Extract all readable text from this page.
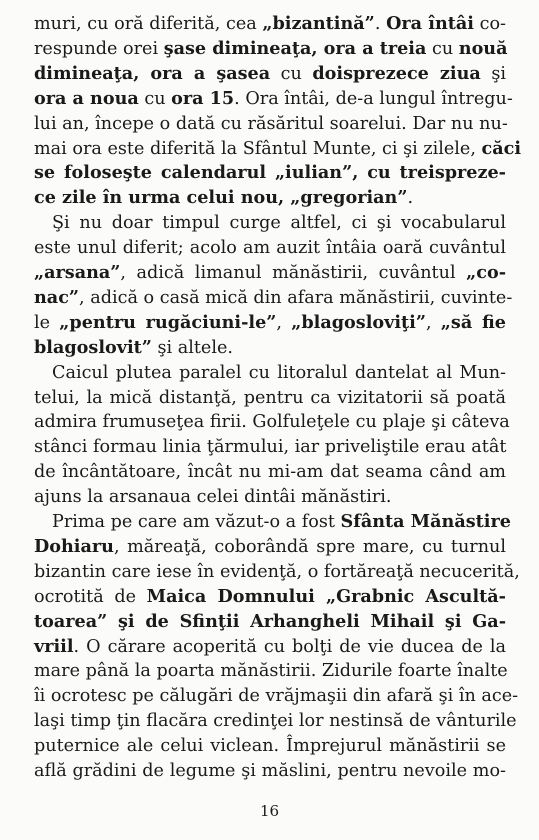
muri, cu oră diferită, cea „bizantină”. Ora întâi co-
respunde orei şase dimineaţa, ora a treia cu nouă
dimineaţa, ora a şasea cu doisprezece ziua şi
ora a noua cu ora 15. Ora întâi, de-a lungul întregu-
lui an, începe o dată cu răsăritul soarelui. Dar nu nu-
mai ora este diferită la Sfântul Munte, ci şi zilele, căci
se foloseşte calendarul „iulian”, cu treispreze-
ce zile în urma celui nou, „gregorian”.
Şi nu doar timpul curge altfel, ci şi vocabularul
este unul diferit; acolo am auzit întâia oară cuvântul
„arsana”, adică limanul mănăstirii, cuvântul „co-
nac”, adică o casă mică din afara mănăstirii, cuvinte-
le „pentru rugăciuni-le”, „blagosloviţi”, „să fie
blagoslovit” şi altele.
Caicul plutea paralel cu litoralul dantelat al Mun-
telui, la mică distanţă, pentru ca vizitatorii să poată
admira frumuseţea firii. Golfuleţele cu plaje şi câteva
stânci formau linia ţărmului, iar priveliştile erau atât
de încântătoare, încât nu mi-am dat seama când am
ajuns la arsanaua celei dintâi mănăstiri.
Prima pe care am văzut-o a fost Sfânta Mănăstire
Dohiaru, măreaţă, coborândă spre mare, cu turnul
bizantin care iese în evidenţă, o fortăreaţă necucerită,
ocrotită de Maica Domnului „Grabnic Ascultă-
toarea” şi de Sfinţii Arhangheli Mihail şi Ga-
vriil. O cărare acoperită cu bolţi de vie ducea de la
mare până la poarta mănăstirii. Zidurile foarte înalte
îi ocrotesc pe călugări de vrăjmaşii din afară şi în ace-
laşi timp ţin flacăra credinţei lor nestinsă de vânturile
puternice ale celui viclean. Împrejurul mănăstirii se
află grădini de legume şi măslini, pentru nevoile mo-
16
